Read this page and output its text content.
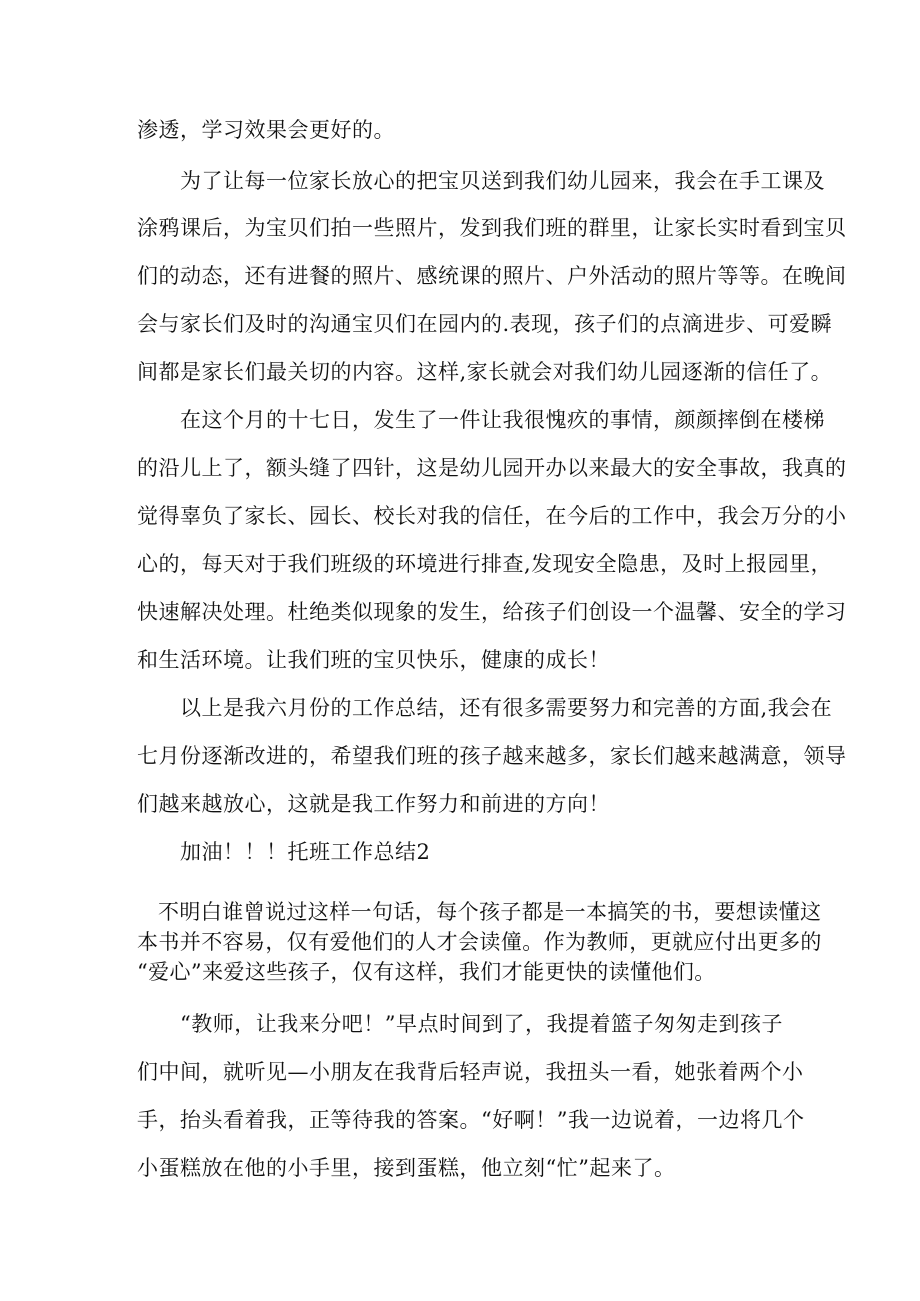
渗透，学习效果会更好的。
为了让每一位家长放心的把宝贝送到我们幼儿园来，我会在手工课及
涂鸦课后，为宝贝们拍一些照片，发到我们班的群里，让家长实时看到宝贝
们的动态，还有进餐的照片、感统课的照片、户外活动的照片等等。在晚间
会与家长们及时的沟通宝贝们在园内的.表现，孩子们的点滴进步、可爱瞬
间都是家长们最关切的内容。这样,家长就会对我们幼儿园逐渐的信任了。
在这个月的十七日，发生了一件让我很愧疚的事情，颜颜摔倒在楼梯
的沿儿上了，额头缝了四针，这是幼儿园开办以来最大的安全事故，我真的
觉得辜负了家长、园长、校长对我的信任，在今后的工作中，我会万分的小
心的，每天对于我们班级的环境进行排查,发现安全隐患，及时上报园里，
快速解决处理。杜绝类似现象的发生，给孩子们创设一个温馨、安全的学习
和生活环境。让我们班的宝贝快乐，健康的成长！
以上是我六月份的工作总结，还有很多需要努力和完善的方面,我会在
七月份逐渐改进的，希望我们班的孩子越来越多，家长们越来越满意，领导
们越来越放心，这就是我工作努力和前进的方向！
加油！！！托班工作总结2
不明白谁曾说过这样一句话，每个孩子都是一本搞笑的书，要想读懂这
本书并不容易，仅有爱他们的人才会读僮。作为教师，更就应付出更多的
“爱心”来爱这些孩子，仅有这样，我们才能更快的读懂他们。
“教师，让我来分吧！”早点时间到了，我提着篮子匆匆走到孩子
们中间，就听见—小朋友在我背后轻声说，我扭头一看，她张着两个小
手，抬头看着我，正等待我的答案。“好啊！”我一边说着，一边将几个
小蛋糕放在他的小手里，接到蛋糕，他立刻“忙”起来了。
